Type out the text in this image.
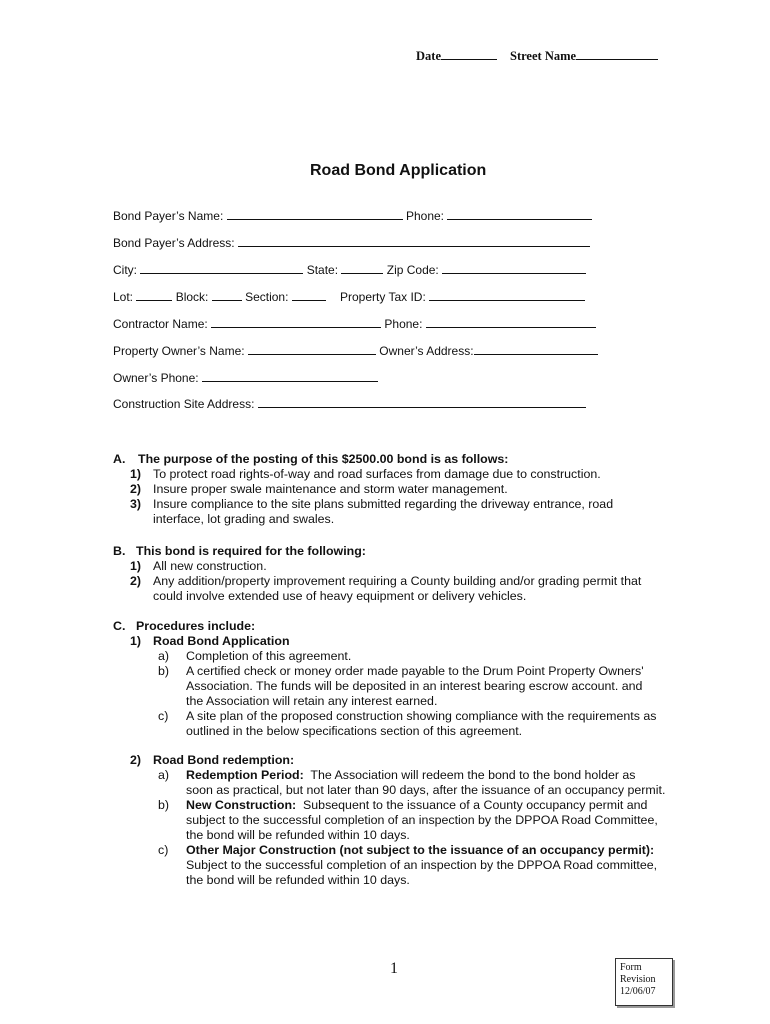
Date	Street Name
Road Bond Application
Bond Payer’s Name:	Phone:
Bond Payer’s Address:
City:	State:	Zip Code:
Lot:	Block:	Section:	Property Tax ID:
Contractor Name:	Phone:
Property Owner’s Name:	Owner’s Address:
Owner’s Phone:
Construction Site Address:
A. The purpose of the posting of this $2500.00 bond is as follows:
1) To protect road rights-of-way and road surfaces from damage due to construction.
2) Insure proper swale maintenance and storm water management.
3) Insure compliance to the site plans submitted regarding the driveway entrance, road
interface, lot grading and swales.
B. This bond is required for the following:
1) All new construction.
2) Any addition/property improvement requiring a County building and/or grading permit that
could involve extended use of heavy equipment or delivery vehicles.
C. Procedures include:
1) Road Bond Application
a) Completion of this agreement.
b) A certified check or money order made payable to the Drum Point Property Owners'
Association. The funds will be deposited in an interest bearing escrow account. and
the Association will retain any interest earned.
c) A site plan of the proposed construction showing compliance with the requirements as
outlined in the below specifications section of this agreement.
2) Road Bond redemption:
a) Redemption Period: The Association will redeem the bond to the bond holder as
soon as practical, but not later than 90 days, after the issuance of an occupancy permit.
b) New Construction: Subsequent to the issuance of a County occupancy permit and
subject to the successful completion of an inspection by the DPPOA Road Committee,
the bond will be refunded within 10 days.
c) Other Major Construction (not subject to the issuance of an occupancy permit):
Subject to the successful completion of an inspection by the DPPOA Road committee,
the bond will be refunded within 10 days.
1	Form
Revision
12/06/07
